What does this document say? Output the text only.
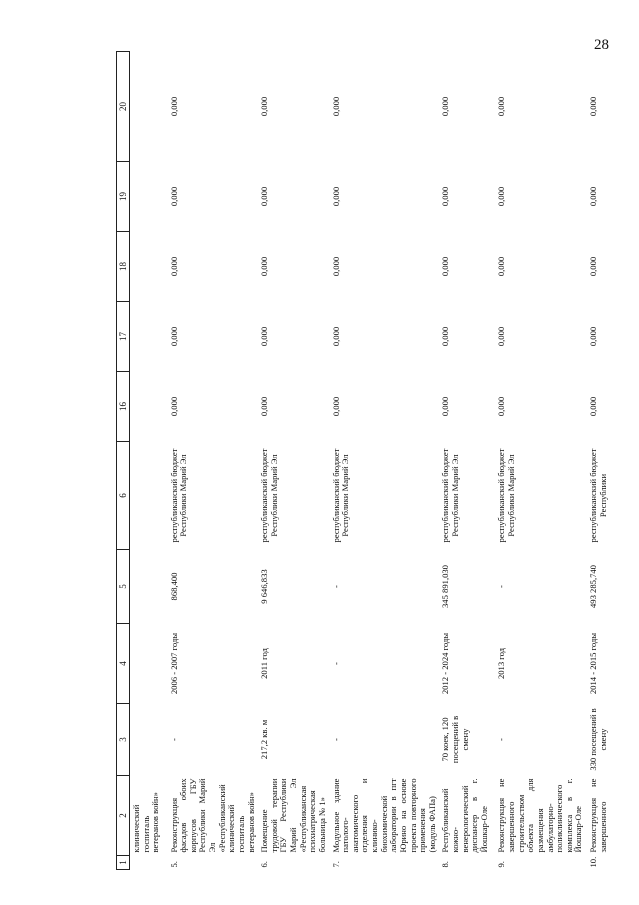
28
1	2	3	4	5	6	16	17	18	19	20
	клинический госпиталь ветеранов войн»									
5.	Реконструкция фасадов обоих корпусов ГБУ Республики Марий Эл «Республиканский клинический госпиталь ветеранов войн»	-	2006 - 2007 годы	868,400	республиканский бюджет Республики Марий Эл	0,000	0,000	0,000	0,000	0,000
6.	Помещение трудовой терапии ГБУ Республики Марий Эл «Республиканская психиатрическая больница № 1»	217,2 кв. м	2011 год	9 646,833	республиканский бюджет Республики Марий Эл	0,000	0,000	0,000	0,000	0,000
7.	Модульное здание патолого-анатомического отделения и клинико-биохимической лаборатории в пгт Юрино на основе проекта повторного применения (модуль ФАПа)	-	-	-	республиканский бюджет Республики Марий Эл	0,000	0,000	0,000	0,000	0,000
8.	Республиканский кожно-венерологический диспансер в г. Йошкар-Оле	70 коек, 120 посещений в смену	2012 - 2024 годы	345 891,030	республиканский бюджет Республики Марий Эл	0,000	0,000	0,000	0,000	0,000
9.	Реконструкция не завершенного строительством объекта для размещения амбулаторно-поликлинического комплекса в г. Йошкар-Оле	-	2013 год	-	республиканский бюджет Республики Марий Эл	0,000	0,000	0,000	0,000	0,000
10.	Реконструкция не завершенного	330 посещений в смену	2014 - 2015 годы	493 285,740	республиканский бюджет Республики	0,000	0,000	0,000	0,000	0,000
